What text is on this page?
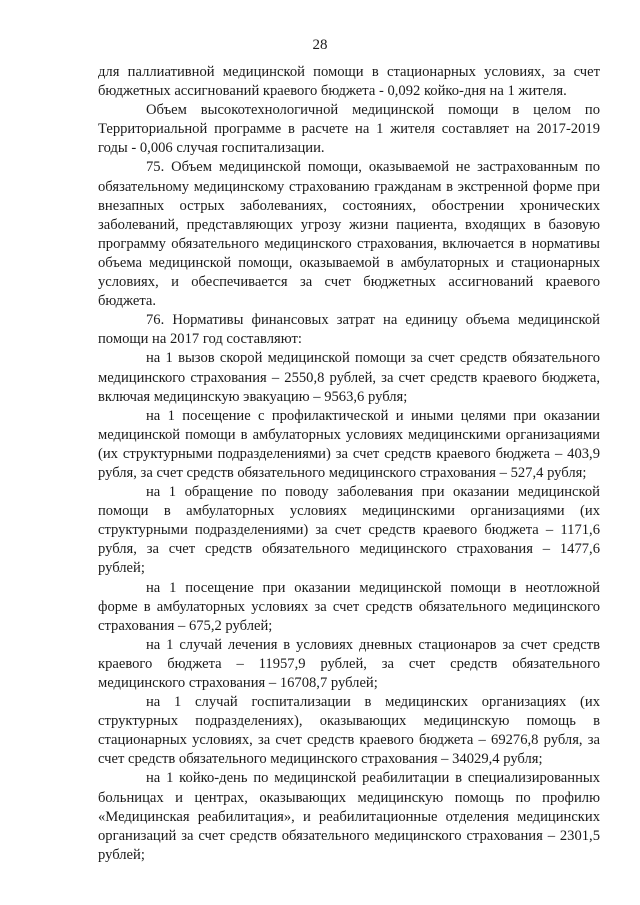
28

для паллиативной медицинской помощи в стационарных условиях, за счет бюджетных ассигнований краевого бюджета - 0,092 койко-дня на 1 жителя.

Объем высокотехнологичной медицинской помощи в целом по Территориальной программе в расчете на 1 жителя составляет на 2017-2019 годы - 0,006 случая госпитализации.

75. Объем медицинской помощи, оказываемой не застрахованным по обязательному медицинскому страхованию гражданам в экстренной форме при внезапных острых заболеваниях, состояниях, обострении хронических заболеваний, представляющих угрозу жизни пациента, входящих в базовую программу обязательного медицинского страхования, включается в нормативы объема медицинской помощи, оказываемой в амбулаторных и стационарных условиях, и обеспечивается за счет бюджетных ассигнований краевого бюджета.

76. Нормативы финансовых затрат на единицу объема медицинской помощи на 2017 год составляют:

на 1 вызов скорой медицинской помощи за счет средств обязательного медицинского страхования – 2550,8 рублей, за счет средств краевого бюджета, включая медицинскую эвакуацию – 9563,6 рубля;

на 1 посещение с профилактической и иными целями при оказании медицинской помощи в амбулаторных условиях медицинскими организациями (их структурными подразделениями) за счет средств краевого бюджета – 403,9 рубля, за счет средств обязательного медицинского страхования – 527,4 рубля;

на 1 обращение по поводу заболевания при оказании медицинской помощи в амбулаторных условиях медицинскими организациями (их структурными подразделениями) за счет средств краевого бюджета – 1171,6 рубля, за счет средств обязательного медицинского страхования – 1477,6 рублей;

на 1 посещение при оказании медицинской помощи в неотложной форме в амбулаторных условиях за счет средств обязательного медицинского страхования – 675,2 рублей;

на 1 случай лечения в условиях дневных стационаров за счет средств краевого бюджета – 11957,9 рублей, за счет средств обязательного медицинского страхования – 16708,7 рублей;

на 1 случай госпитализации в медицинских организациях (их структурных подразделениях), оказывающих медицинскую помощь в стационарных условиях, за счет средств краевого бюджета – 69276,8 рубля, за счет средств обязательного медицинского страхования – 34029,4 рубля;

на 1 койко-день по медицинской реабилитации в специализированных больницах и центрах, оказывающих медицинскую помощь по профилю «Медицинская реабилитация», и реабилитационные отделения медицинских организаций за счет средств обязательного медицинского страхования – 2301,5 рублей;
